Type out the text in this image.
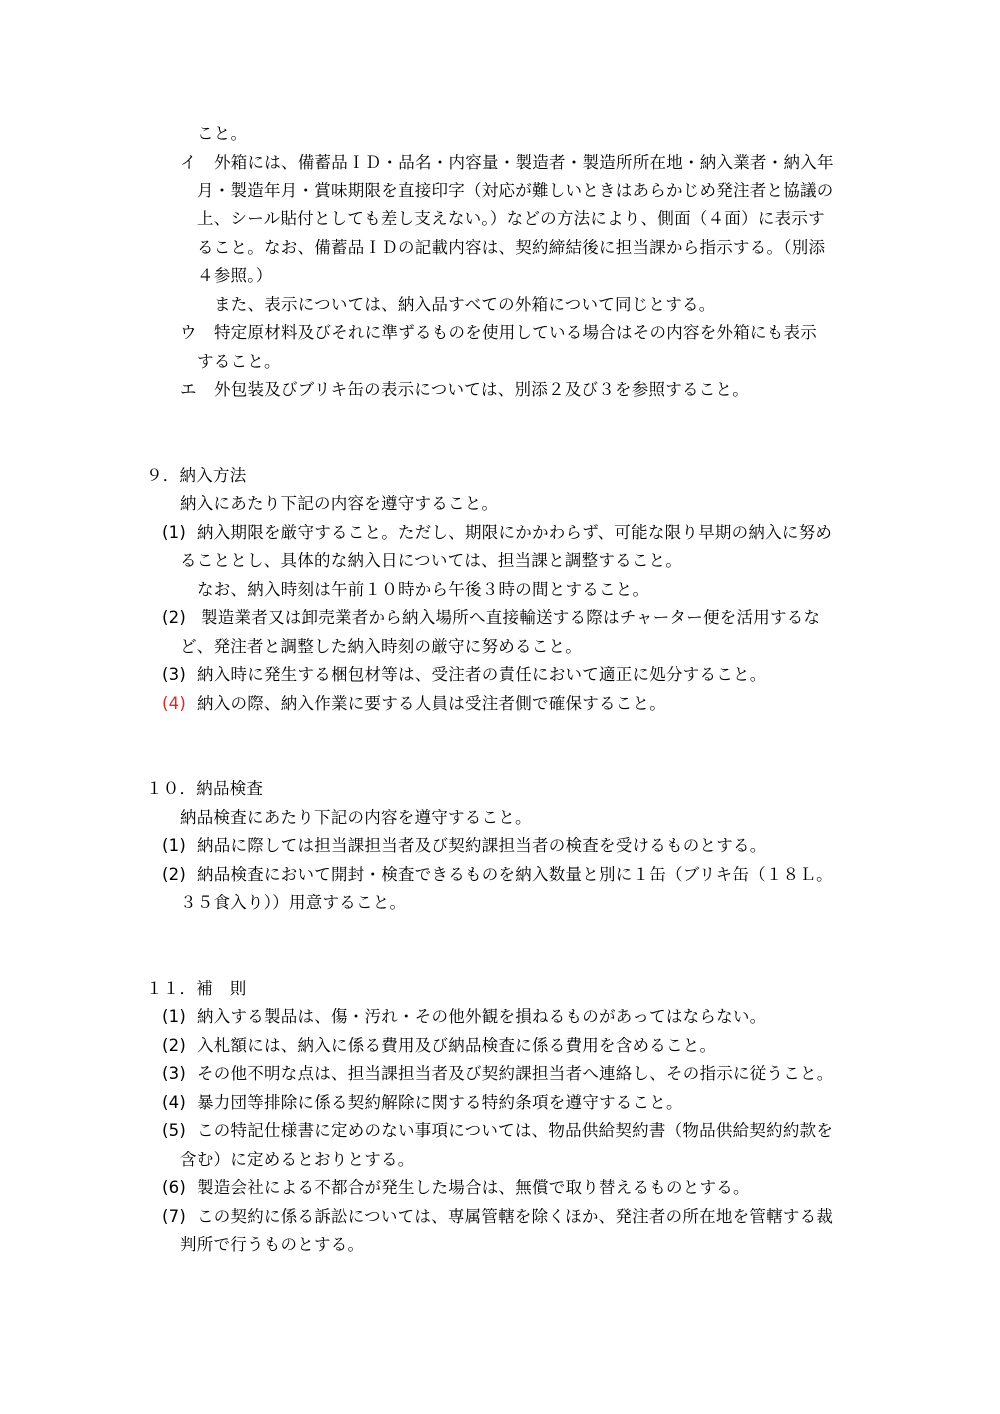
こと。
イ 外箱には、備蓄品ＩＤ・品名・内容量・製造者・製造所所在地・納入業者・納入年
月・製造年月・賞味期限を直接印字（対応が難しいときはあらかじめ発注者と協議の
上、シール貼付としても差し支えない。）などの方法により、側面（４面）に表示す
ること。なお、備蓄品ＩＤの記載内容は、契約締結後に担当課から指示する。（別添
４参照。）
また、表示については、納入品すべての外箱について同じとする。
ウ 特定原材料及びそれに準ずるものを使用している場合はその内容を外箱にも表示
すること。
エ 外包装及びブリキ缶の表示については、別添２及び３を参照すること。
９．納入方法
納入にあたり下記の内容を遵守すること。
(1) 納入期限を厳守すること。ただし、期限にかかわらず、可能な限り早期の納入に努め
ることとし、具体的な納入日については、担当課と調整すること。
なお、納入時刻は午前１０時から午後３時の間とすること。
(2) 製造業者又は卸売業者から納入場所へ直接輸送する際はチャーター便を活用するな
ど、発注者と調整した納入時刻の厳守に努めること。
(3) 納入時に発生する梱包材等は、受注者の責任において適正に処分すること。
(4) 納入の際、納入作業に要する人員は受注者側で確保すること。
１０．納品検査
納品検査にあたり下記の内容を遵守すること。
(1) 納品に際しては担当課担当者及び契約課担当者の検査を受けるものとする。
(2) 納品検査において開封・検査できるものを納入数量と別に１缶（ブリキ缶（１８Ｌ。
３５食入り））用意すること。
１１．補　則
(1) 納入する製品は、傷・汚れ・その他外観を損ねるものがあってはならない。
(2) 入札額には、納入に係る費用及び納品検査に係る費用を含めること。
(3) その他不明な点は、担当課担当者及び契約課担当者へ連絡し、その指示に従うこと。
(4) 暴力団等排除に係る契約解除に関する特約条項を遵守すること。
(5) この特記仕様書に定めのない事項については、物品供給契約書（物品供給契約約款を
含む）に定めるとおりとする。
(6) 製造会社による不都合が発生した場合は、無償で取り替えるものとする。
(7) この契約に係る訴訟については、専属管轄を除くほか、発注者の所在地を管轄する裁
判所で行うものとする。
